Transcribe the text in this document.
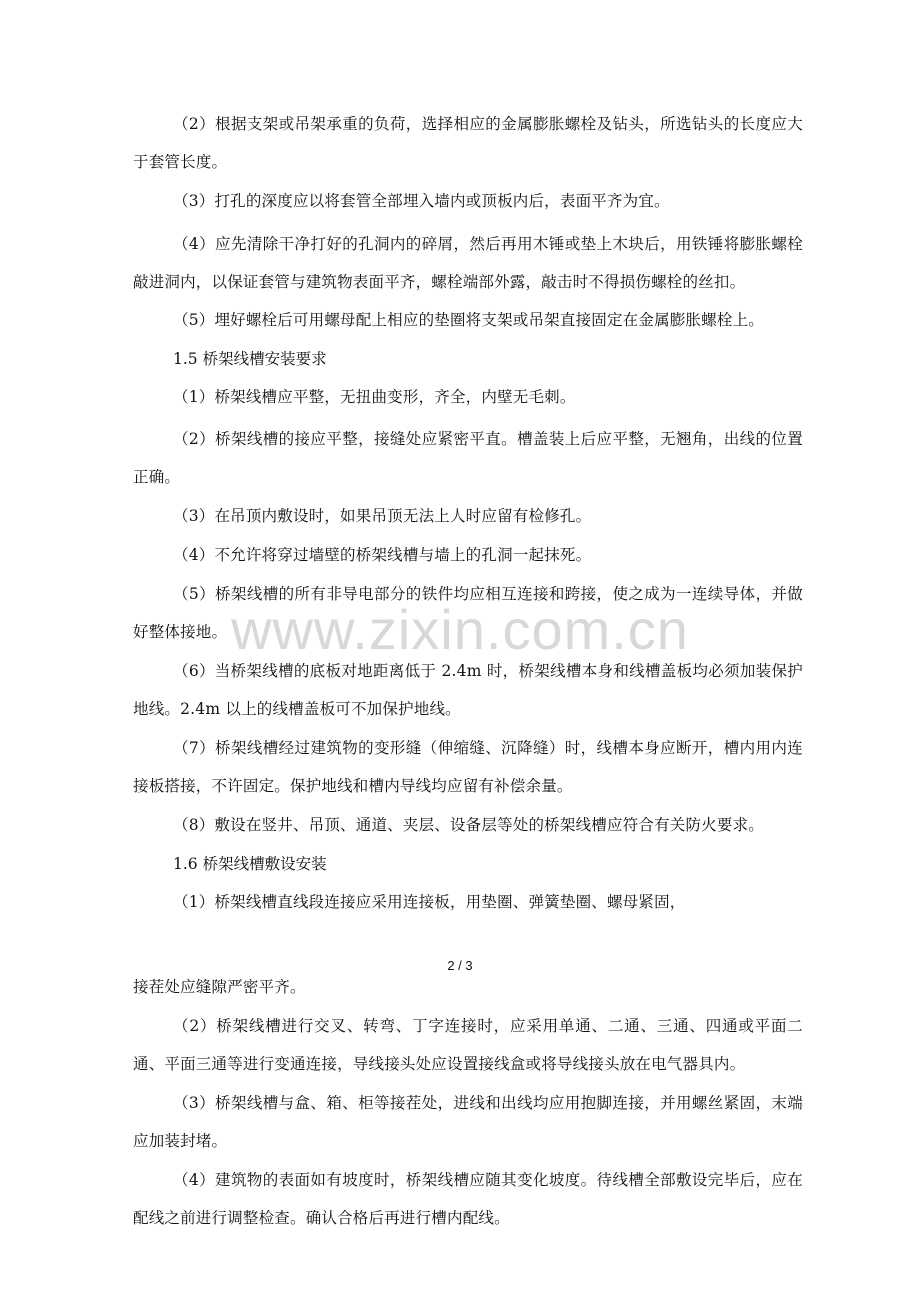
www.zixin.com.cn

（2）根据支架或吊架承重的负荷，选择相应的金属膨胀螺栓及钻头，所选钻头的长度应大于套管长度。

（3）打孔的深度应以将套管全部埋入墙内或顶板内后，表面平齐为宜。

（4）应先清除干净打好的孔洞内的碎屑，然后再用木锤或垫上木块后，用铁锤将膨胀螺栓敲进洞内，以保证套管与建筑物表面平齐，螺栓端部外露，敲击时不得损伤螺栓的丝扣。

（5）埋好螺栓后可用螺母配上相应的垫圈将支架或吊架直接固定在金属膨胀螺栓上。

1.5 桥架线槽安装要求

（1）桥架线槽应平整，无扭曲变形，齐全，内壁无毛刺。

（2）桥架线槽的接应平整，接缝处应紧密平直。槽盖装上后应平整，无翘角，出线的位置正确。

（3）在吊顶内敷设时，如果吊顶无法上人时应留有检修孔。

（4）不允许将穿过墙壁的桥架线槽与墙上的孔洞一起抹死。

（5）桥架线槽的所有非导电部分的铁件均应相互连接和跨接，使之成为一连续导体，并做好整体接地。

（6）当桥架线槽的底板对地距离低于 2.4m 时，桥架线槽本身和线槽盖板均必须加装保护地线。2.4m 以上的线槽盖板可不加保护地线。

（7）桥架线槽经过建筑物的变形缝（伸缩缝、沉降缝）时，线槽本身应断开，槽内用内连接板搭接，不许固定。保护地线和槽内导线均应留有补偿余量。

（8）敷设在竖井、吊顶、通道、夹层、设备层等处的桥架线槽应符合有关防火要求。

1.6 桥架线槽敷设安装

（1）桥架线槽直线段连接应采用连接板，用垫圈、弹簧垫圈、螺母紧固，

2 / 3

接茬处应缝隙严密平齐。

（2）桥架线槽进行交叉、转弯、丁字连接时，应采用单通、二通、三通、四通或平面二通、平面三通等进行变通连接，导线接头处应设置接线盒或将导线接头放在电气器具内。

（3）桥架线槽与盒、箱、柜等接茬处，进线和出线均应用抱脚连接，并用螺丝紧固，末端应加装封堵。

（4）建筑物的表面如有坡度时，桥架线槽应随其变化坡度。待线槽全部敷设完毕后，应在配线之前进行调整检查。确认合格后再进行槽内配线。
